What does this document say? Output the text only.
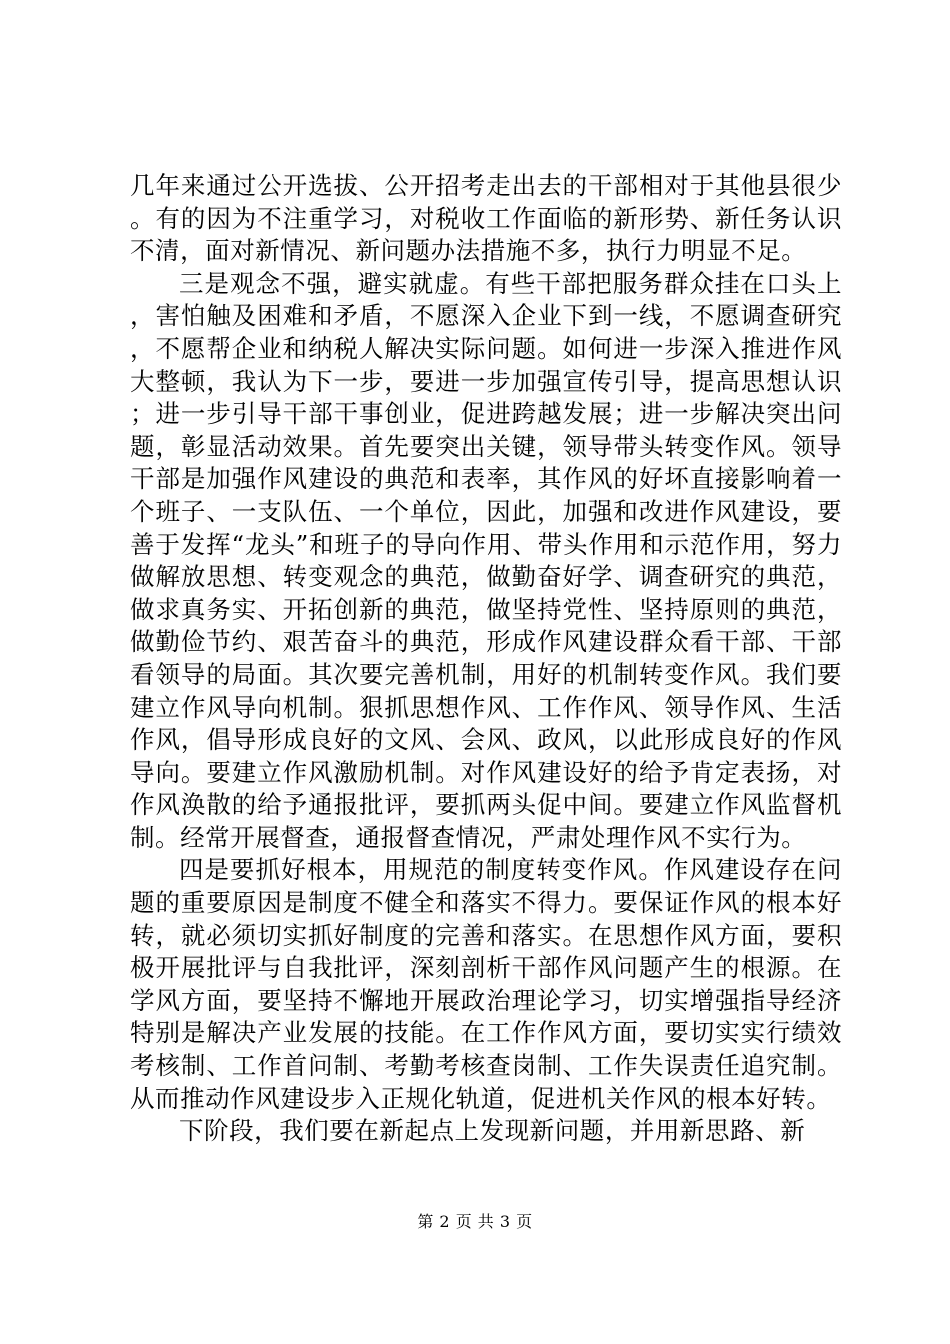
几年来通过公开选拔、公开招考走出去的干部相对于其他县很少。有的因为不注重学习，对税收工作面临的新形势、新任务认识不清，面对新情况、新问题办法措施不多，执行力明显不足。

三是观念不强，避实就虚。有些干部把服务群众挂在口头上，害怕触及困难和矛盾，不愿深入企业下到一线，不愿调查研究，不愿帮企业和纳税人解决实际问题。如何进一步深入推进作风大整顿，我认为下一步，要进一步加强宣传引导，提高思想认识；进一步引导干部干事创业，促进跨越发展；进一步解决突出问题，彰显活动效果。首先要突出关键，领导带头转变作风。领导干部是加强作风建设的典范和表率，其作风的好坏直接影响着一个班子、一支队伍、一个单位，因此，加强和改进作风建设，要善于发挥“龙头”和班子的导向作用、带头作用和示范作用，努力做解放思想、转变观念的典范，做勤奋好学、调查研究的典范，做求真务实、开拓创新的典范，做坚持党性、坚持原则的典范，做勤俭节约、艰苦奋斗的典范，形成作风建设群众看干部、干部看领导的局面。其次要完善机制，用好的机制转变作风。我们要建立作风导向机制。狠抓思想作风、工作作风、领导作风、生活作风，倡导形成良好的文风、会风、政风，以此形成良好的作风导向。要建立作风激励机制。对作风建设好的给予肯定表扬，对作风涣散的给予通报批评，要抓两头促中间。要建立作风监督机制。经常开展督查，通报督查情况，严肃处理作风不实行为。

四是要抓好根本，用规范的制度转变作风。作风建设存在问题的重要原因是制度不健全和落实不得力。要保证作风的根本好转，就必须切实抓好制度的完善和落实。在思想作风方面，要积极开展批评与自我批评，深刻剖析干部作风问题产生的根源。在学风方面，要坚持不懈地开展政治理论学习，切实增强指导经济特别是解决产业发展的技能。在工作作风方面，要切实实行绩效考核制、工作首问制、考勤考核查岗制、工作失误责任追究制。从而推动作风建设步入正规化轨道，促进机关作风的根本好转。

下阶段，我们要在新起点上发现新问题，并用新思路、新

第 2 页 共 3 页
